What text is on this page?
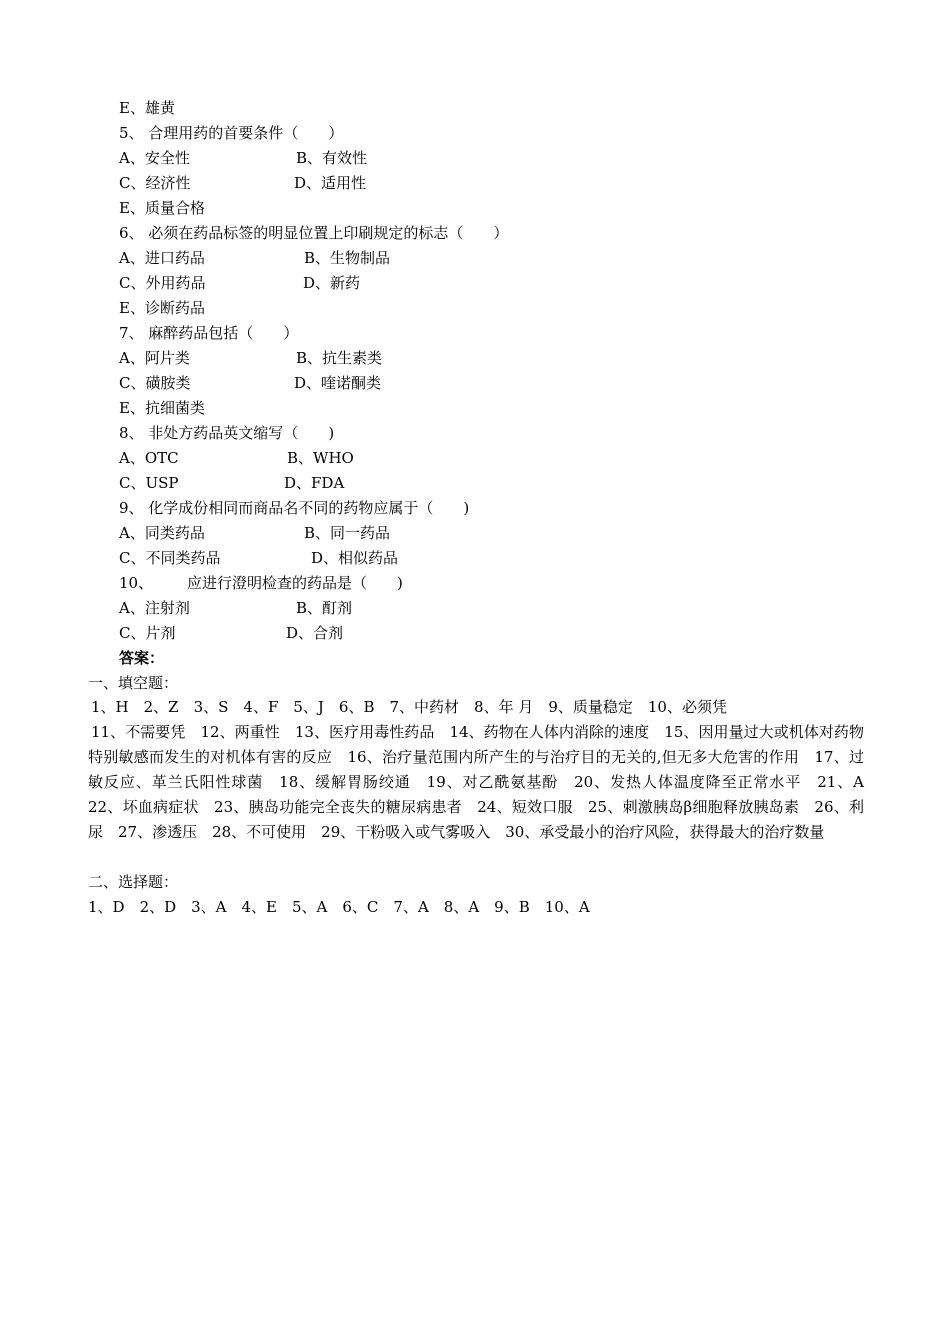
E、雄黄
5、 合理用药的首要条件（　　）
A、安全性	B、有效性
C、经济性	D、适用性
E、质量合格
6、 必须在药品标签的明显位置上印刷规定的标志（　　）
A、进口药品	B、生物制品
C、外用药品	D、新药
E、诊断药品
7、 麻醉药品包括（　　）
A、阿片类	B、抗生素类
C、磺胺类	D、喹诺酮类
E、抗细菌类
8、 非处方药品英文缩写（　　)
A、OTC	B、WHO
C、USP	D、FDA
9、 化学成份相同而商品名不同的药物应属于（　　)
A、同类药品	B、同一药品
C、不同类药品	D、相似药品
10、 应进行澄明检查的药品是（　　)
A、注射剂	B、酊剂
C、片剂	D、合剂
答案：
一、填空题：
1、H　2、Z　3、S　4、F　5、J　6、B　7、中药材　8、年 月　9、质量稳定　10、必须凭
11、不需要凭　12、两重性　13、医疗用毒性药品　14、药物在人体内消除的速度　15、因用量过大或机体对药物特别敏感而发生的对机体有害的反应　16、治疗量范围内所产生的与治疗目的无关的,但无多大危害的作用　17、过敏反应、革兰氏阳性球菌　18、缓解胃肠绞通　19、对乙酰氨基酚　20、发热人体温度降至正常水平　21、A　22、坏血病症状　23、胰岛功能完全丧失的糖尿病患者　24、短效口服　25、刺激胰岛β细胞释放胰岛素　26、利尿　27、渗透压　28、不可使用　29、干粉吸入或气雾吸入　30、承受最小的治疗风险，获得最大的治疗数量
二、选择题：
1、D　2、D　3、A　4、E　5、A　6、C　7、A　8、A　9、B　10、A
